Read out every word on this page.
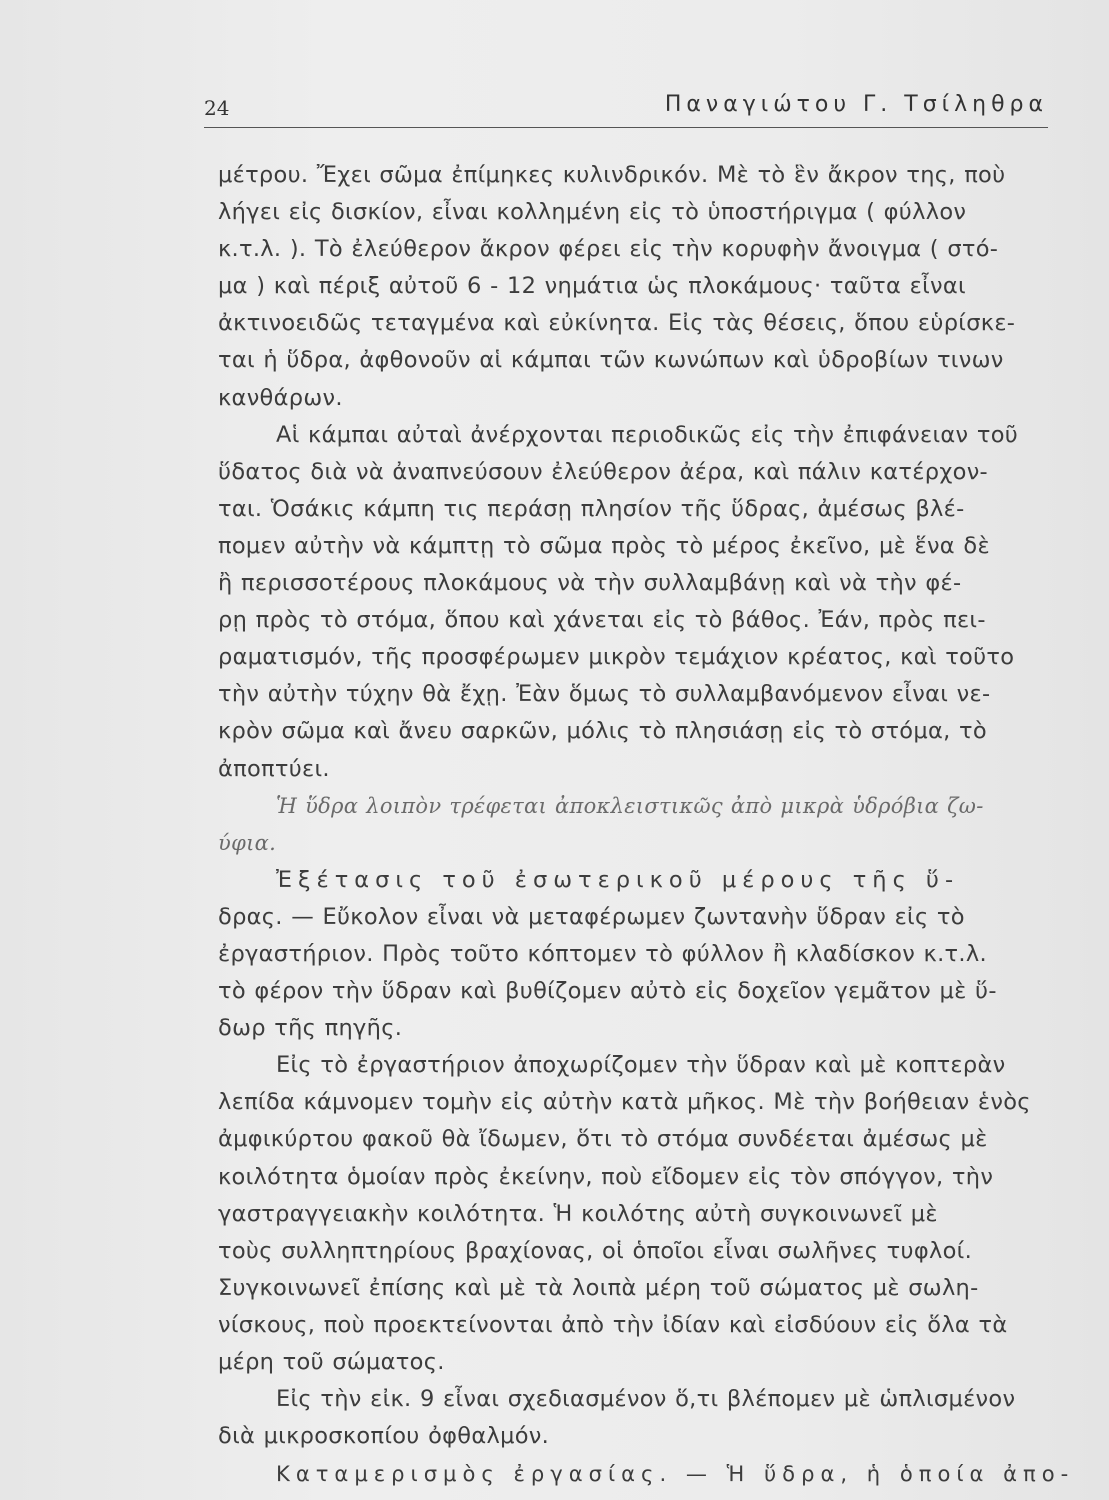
24	Παναγιώτου Γ. Τσίληθρα
μέτρου. Ἔχει σῶμα ἐπίμηκες κυλινδρικόν. Μὲ τὸ ἓν ἄκρον της, ποὺ
λήγει εἰς δισκίον, εἶναι κολλημένη εἰς τὸ ὑποστήριγμα ( φύλλον
κ.τ.λ. ). Τὸ ἐλεύθερον ἄκρον φέρει εἰς τὴν κορυφὴν ἄνοιγμα ( στό-
μα ) καὶ πέριξ αὐτοῦ 6 - 12 νημάτια ὡς πλοκάμους· ταῦτα εἶναι
ἀκτινοειδῶς τεταγμένα καὶ εὐκίνητα. Εἰς τὰς θέσεις, ὅπου εὑρίσκε-
ται ἡ ὕδρα, ἀφθονοῦν αἱ κάμπαι τῶν κωνώπων καὶ ὑδροβίων τινων
κανθάρων.
Αἱ κάμπαι αὐταὶ ἀνέρχονται περιοδικῶς εἰς τὴν ἐπιφάνειαν τοῦ
ὕδατος διὰ νὰ ἀναπνεύσουν ἐλεύθερον ἀέρα, καὶ πάλιν κατέρχον-
ται. Ὁσάκις κάμπη τις περάσῃ πλησίον τῆς ὕδρας, ἀμέσως βλέ-
πομεν αὐτὴν νὰ κάμπτῃ τὸ σῶμα πρὸς τὸ μέρος ἐκεῖνο, μὲ ἕνα δὲ
ἢ περισσοτέρους πλοκάμους νὰ τὴν συλλαμβάνῃ καὶ νὰ τὴν φέ-
ρῃ πρὸς τὸ στόμα, ὅπου καὶ χάνεται εἰς τὸ βάθος. Ἐάν, πρὸς πει-
ραματισμόν, τῆς προσφέρωμεν μικρὸν τεμάχιον κρέατος, καὶ τοῦτο
τὴν αὐτὴν τύχην θὰ ἔχῃ. Ἐὰν ὅμως τὸ συλλαμβανόμενον εἶναι νε-
κρὸν σῶμα καὶ ἄνευ σαρκῶν, μόλις τὸ πλησιάσῃ εἰς τὸ στόμα, τὸ
ἀποπτύει.
Ἡ ὕδρα λοιπὸν τρέφεται ἀποκλειστικῶς ἀπὸ μικρὰ ὑδρόβια ζω-
ύφια.
Ἐξέτασις τοῦ ἐσωτερικοῦ μέρους τῆς ὕ-
δρας. — Εὔκολον εἶναι νὰ μεταφέρωμεν ζωντανὴν ὕδραν εἰς τὸ
ἐργαστήριον. Πρὸς τοῦτο κόπτομεν τὸ φύλλον ἢ κλαδίσκον κ.τ.λ.
τὸ φέρον τὴν ὕδραν καὶ βυθίζομεν αὐτὸ εἰς δοχεῖον γεμᾶτον μὲ ὕ-
δωρ τῆς πηγῆς.
Εἰς τὸ ἐργαστήριον ἀποχωρίζομεν τὴν ὕδραν καὶ μὲ κοπτερὰν
λεπίδα κάμνομεν τομὴν εἰς αὐτὴν κατὰ μῆκος. Μὲ τὴν βοήθειαν ἑνὸς
ἀμφικύρτου φακοῦ θὰ ἴδωμεν, ὅτι τὸ στόμα συνδέεται ἀμέσως μὲ
κοιλότητα ὁμοίαν πρὸς ἐκείνην, ποὺ εἴδομεν εἰς τὸν σπόγγον, τὴν
γαστραγγειακὴν κοιλότητα. Ἡ κοιλότης αὐτὴ συγκοινωνεῖ μὲ
τοὺς συλληπτηρίους βραχίονας, οἱ ὁποῖοι εἶναι σωλῆνες τυφλοί.
Συγκοινωνεῖ ἐπίσης καὶ μὲ τὰ λοιπὰ μέρη τοῦ σώματος μὲ σωλη-
νίσκους, ποὺ προεκτείνονται ἀπὸ τὴν ἰδίαν καὶ εἰσδύουν εἰς ὅλα τὰ
μέρη τοῦ σώματος.
Εἰς τὴν εἰκ. 9 εἶναι σχεδιασμένον ὅ,τι βλέπομεν μὲ ὡπλισμένον
διὰ μικροσκοπίου ὀφθαλμόν.
Καταμερισμὸς ἐργασίας. — Ἡ ὕδρα, ἡ ὁποία ἀπο-
